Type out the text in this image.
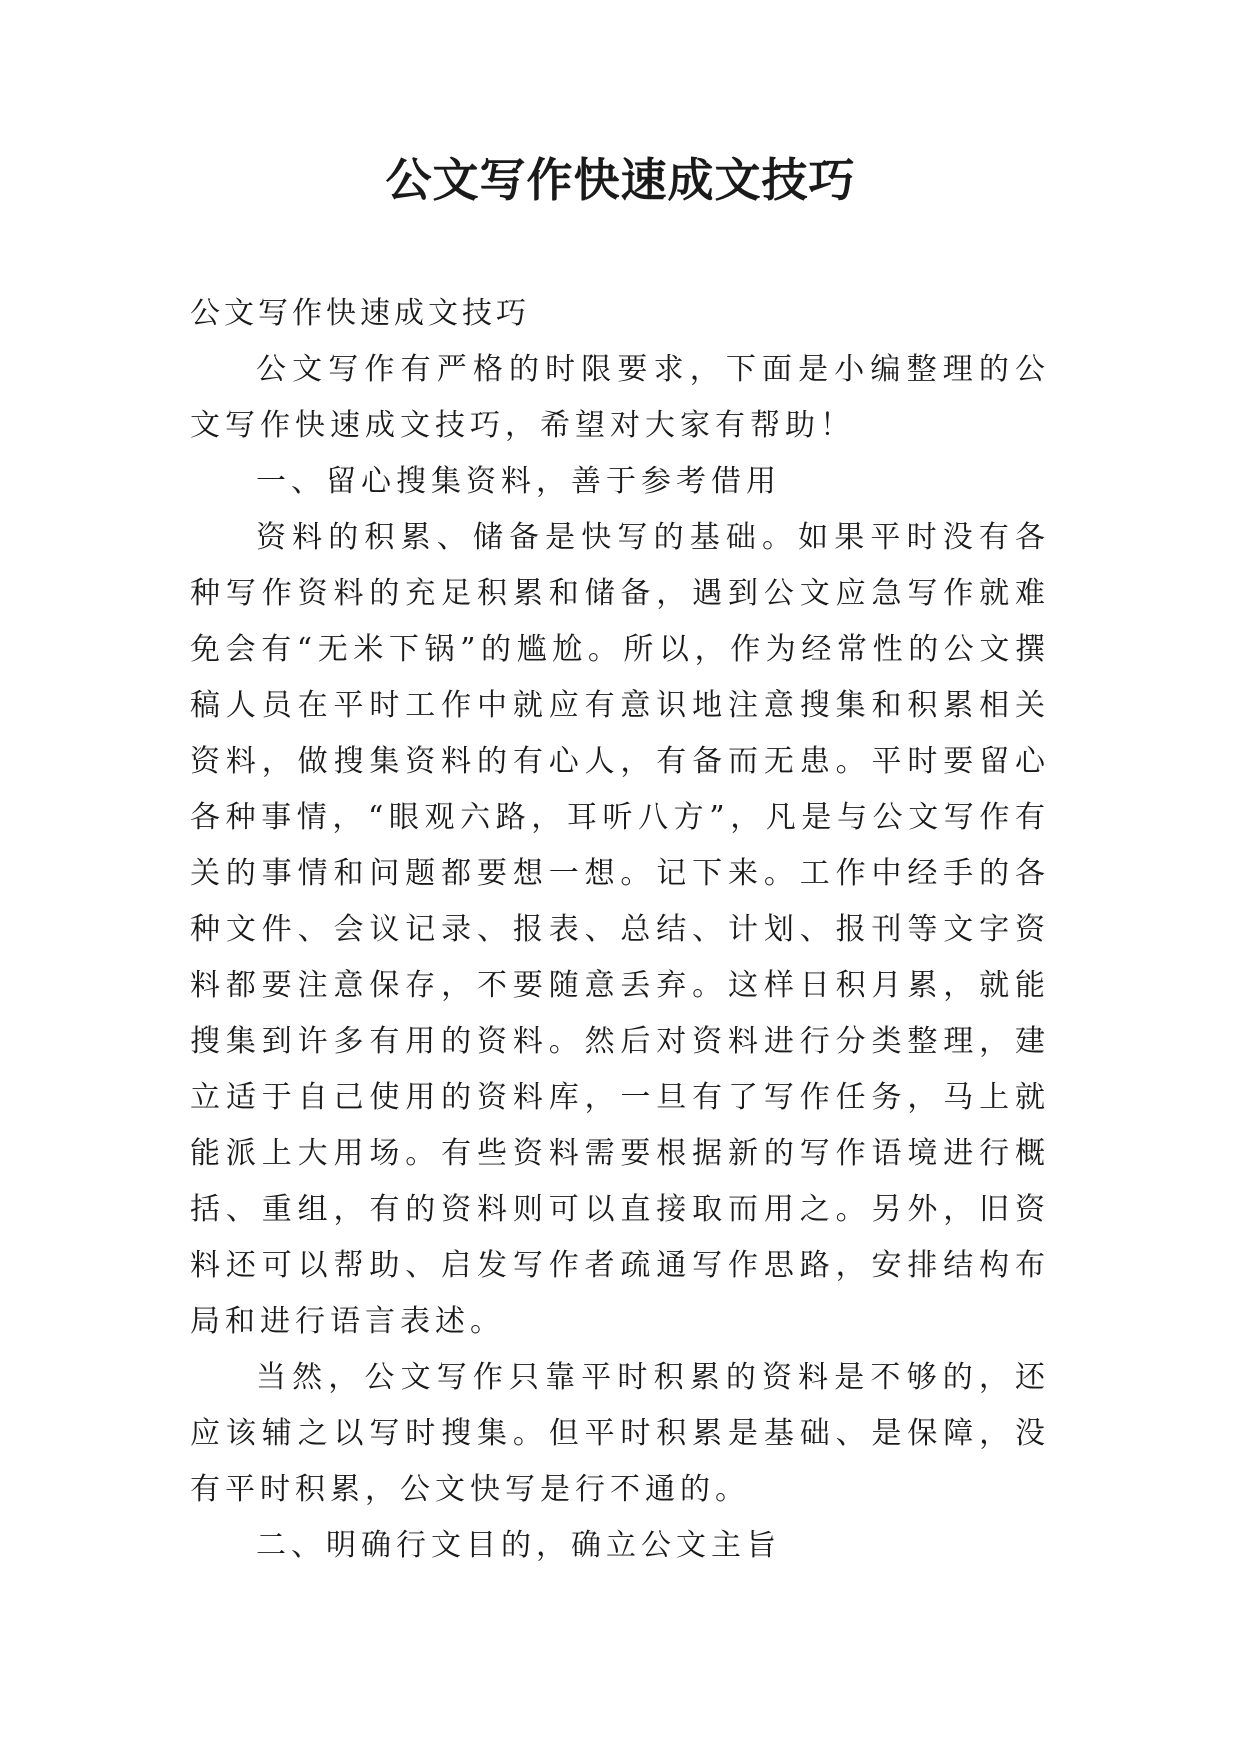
公文写作快速成文技巧

公文写作快速成文技巧

公文写作有严格的时限要求，下面是小编整理的公文写作快速成文技巧，希望对大家有帮助！

一、留心搜集资料，善于参考借用

资料的积累、储备是快写的基础。如果平时没有各种写作资料的充足积累和储备，遇到公文应急写作就难免会有“无米下锅”的尴尬。所以，作为经常性的公文撰稿人员在平时工作中就应有意识地注意搜集和积累相关资料，做搜集资料的有心人，有备而无患。平时要留心各种事情，“眼观六路，耳听八方”，凡是与公文写作有关的事情和问题都要想一想。记下来。工作中经手的各种文件、会议记录、报表、总结、计划、报刊等文字资料都要注意保存，不要随意丢弃。这样日积月累，就能搜集到许多有用的资料。然后对资料进行分类整理，建立适于自己使用的资料库，一旦有了写作任务，马上就能派上大用场。有些资料需要根据新的写作语境进行概括、重组，有的资料则可以直接取而用之。另外，旧资料还可以帮助、启发写作者疏通写作思路，安排结构布局和进行语言表述。

当然，公文写作只靠平时积累的资料是不够的，还应该辅之以写时搜集。但平时积累是基础、是保障，没有平时积累，公文快写是行不通的。

二、明确行文目的，确立公文主旨
